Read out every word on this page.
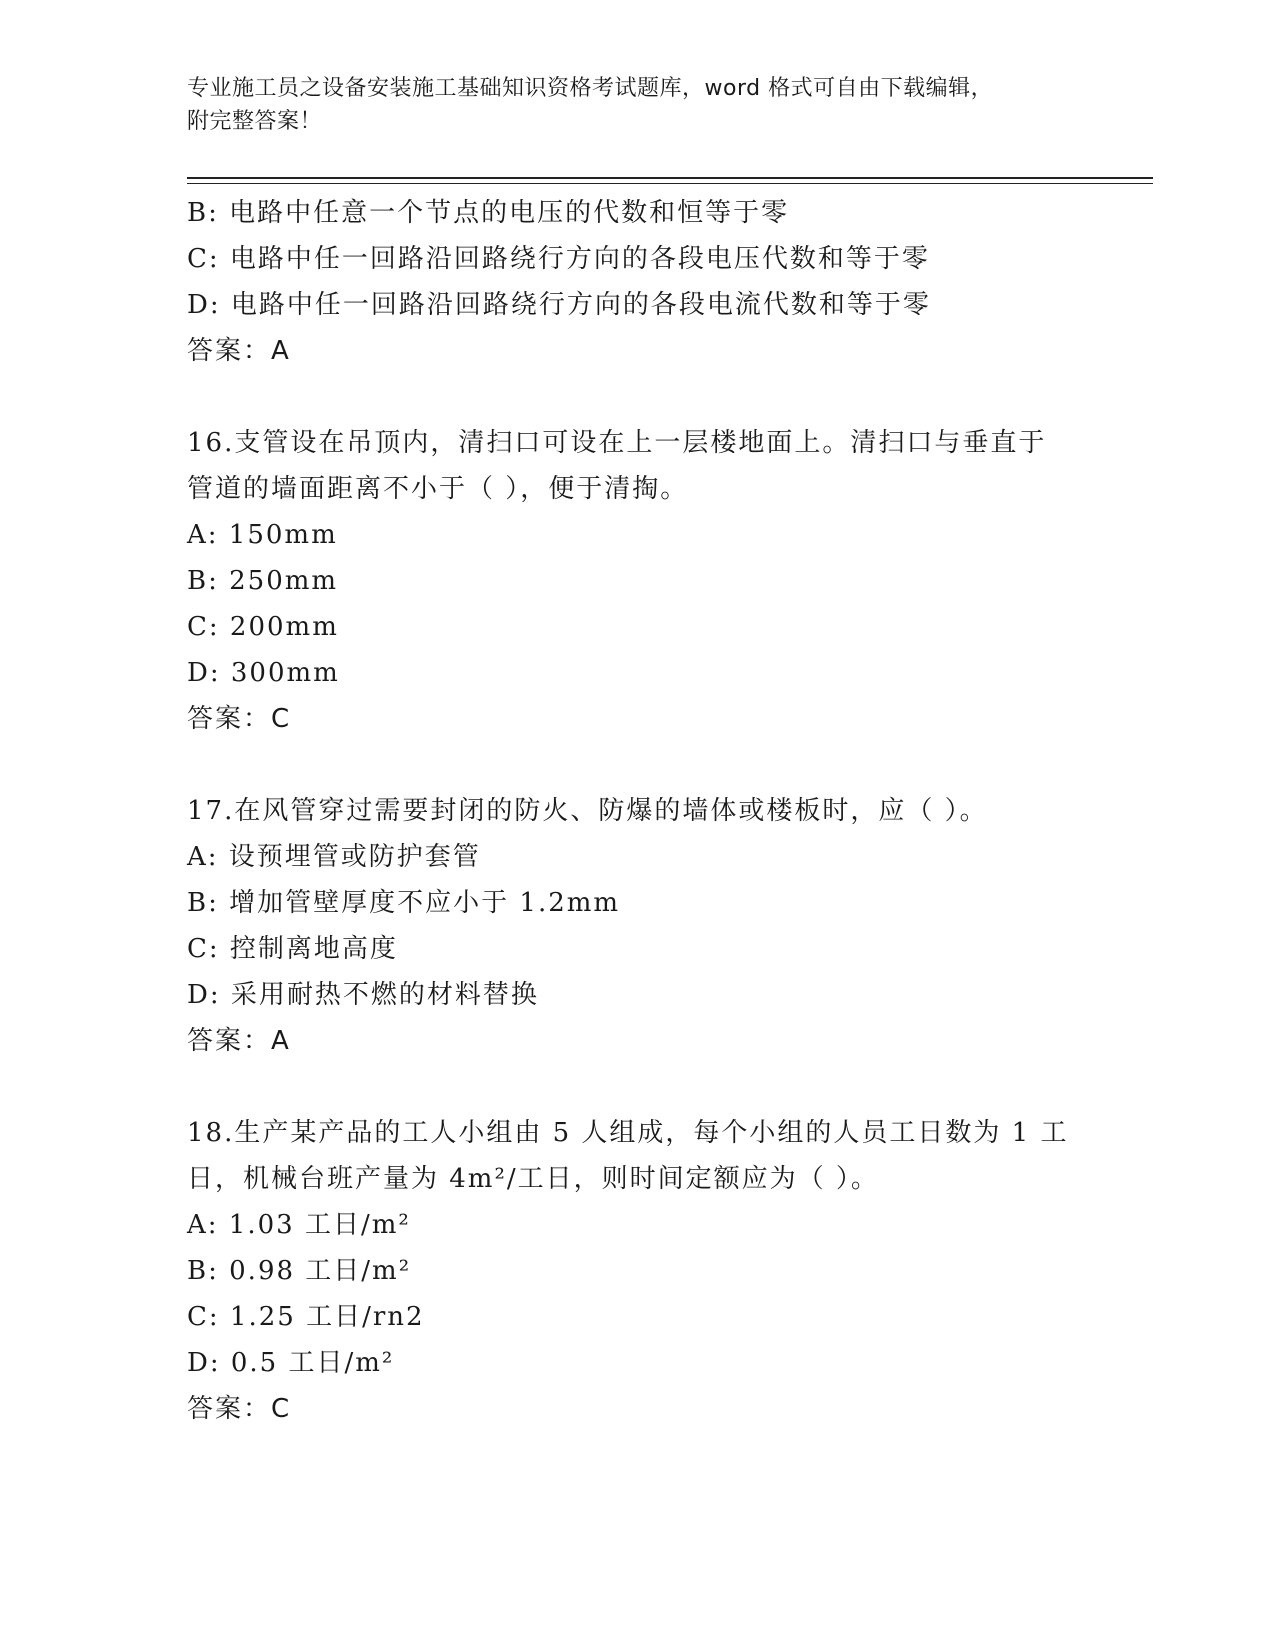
专业施工员之设备安装施工基础知识资格考试题库，word 格式可自由下载编辑，
附完整答案！
B: 电路中任意一个节点的电压的代数和恒等于零
C: 电路中任一回路沿回路绕行方向的各段电压代数和等于零
D: 电路中任一回路沿回路绕行方向的各段电流代数和等于零
答案：A
16.支管设在吊顶内，清扫口可设在上一层楼地面上。清扫口与垂直于
管道的墙面距离不小于（ ），便于清掏。
A: 150mm
B: 250mm
C: 200mm
D: 300mm
答案：C
17.在风管穿过需要封闭的防火、防爆的墙体或楼板时，应（ ）。
A: 设预埋管或防护套管
B: 增加管壁厚度不应小于 1.2mm
C: 控制离地高度
D: 采用耐热不燃的材料替换
答案：A
18.生产某产品的工人小组由 5 人组成，每个小组的人员工日数为 1 工
日，机械台班产量为 4m²/工日，则时间定额应为（ ）。
A: 1.03 工日/m²
B: 0.98 工日/m²
C: 1.25 工日/rn2
D: 0.5 工日/m²
答案：C
